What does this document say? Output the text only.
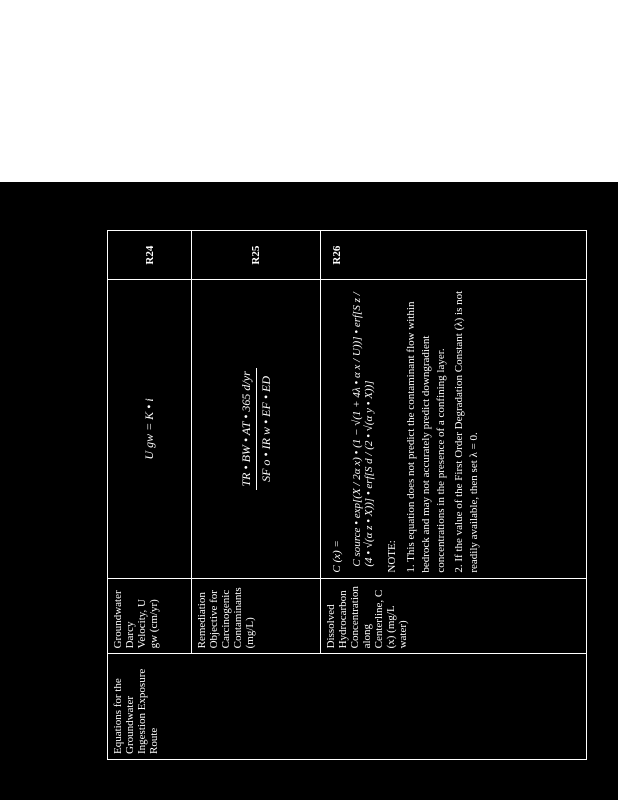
Equations for the Groundwater Ingestion Exposure Route	Groundwater Darcy Velocity, U gw (cm/yr)	U gw = K • i	R24
	Remediation Objective for Carcinogenic Contaminants (mg/L)	TR • BW • AT • 365 d/yr SF o • IR w • EF • ED	R25
	Dissolved Hydrocarbon Concentration along Centerline, C (x) (mg/L water)	C (x) = C source • exp[(X / 2α x) • (1 − √(1 + 4λ • α x / U))] • erf[S z / (4 • √(α z • X))] • erf[S d / (2 • √(α y • X))] NOTE: 1. This equation does not predict the contaminant flow within bedrock and may not accurately predict downgradient concentrations in the presence of a confining layer. 2. If the value of the First Order Degradation Constant (λ) is not readily available, then set λ = 0.	R26
